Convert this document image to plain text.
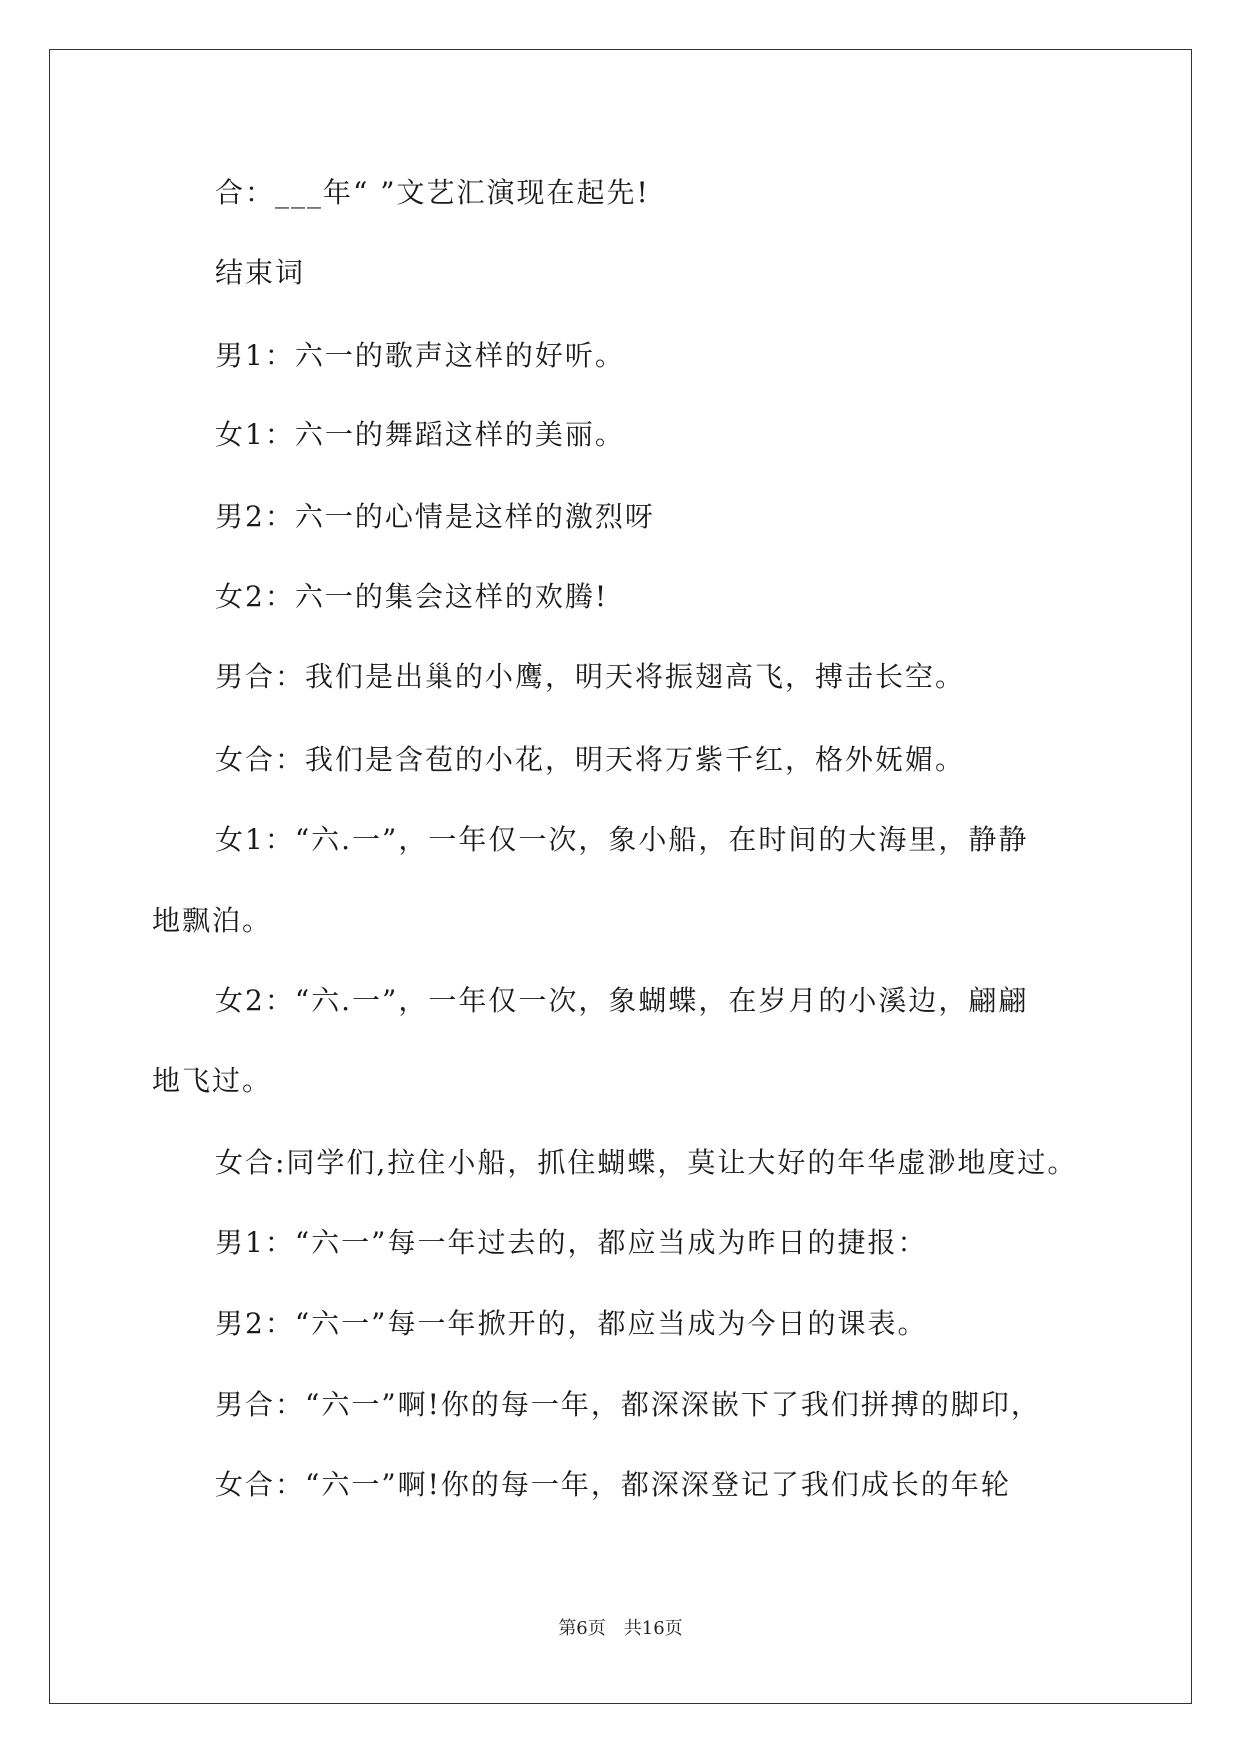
合：___年“ ”文艺汇演现在起先!
结束词
男1：六一的歌声这样的好听。
女1：六一的舞蹈这样的美丽。
男2：六一的心情是这样的激烈呀
女2：六一的集会这样的欢腾!
男合：我们是出巢的小鹰，明天将振翅高飞，搏击长空。
女合：我们是含苞的小花，明天将万紫千红，格外妩媚。
女1：“六.一”，一年仅一次，象小船，在时间的大海里，静静
地飘泊。
女2：“六.一”，一年仅一次，象蝴蝶，在岁月的小溪边，翩翩
地飞过。
女合:同学们,拉住小船，抓住蝴蝶，莫让大好的年华虚渺地度过。
男1：“六一”每一年过去的，都应当成为昨日的捷报：
男2：“六一”每一年掀开的，都应当成为今日的课表。
男合：“六一”啊!你的每一年，都深深嵌下了我们拼搏的脚印，
女合：“六一”啊!你的每一年，都深深登记了我们成长的年轮
第6页　共16页
